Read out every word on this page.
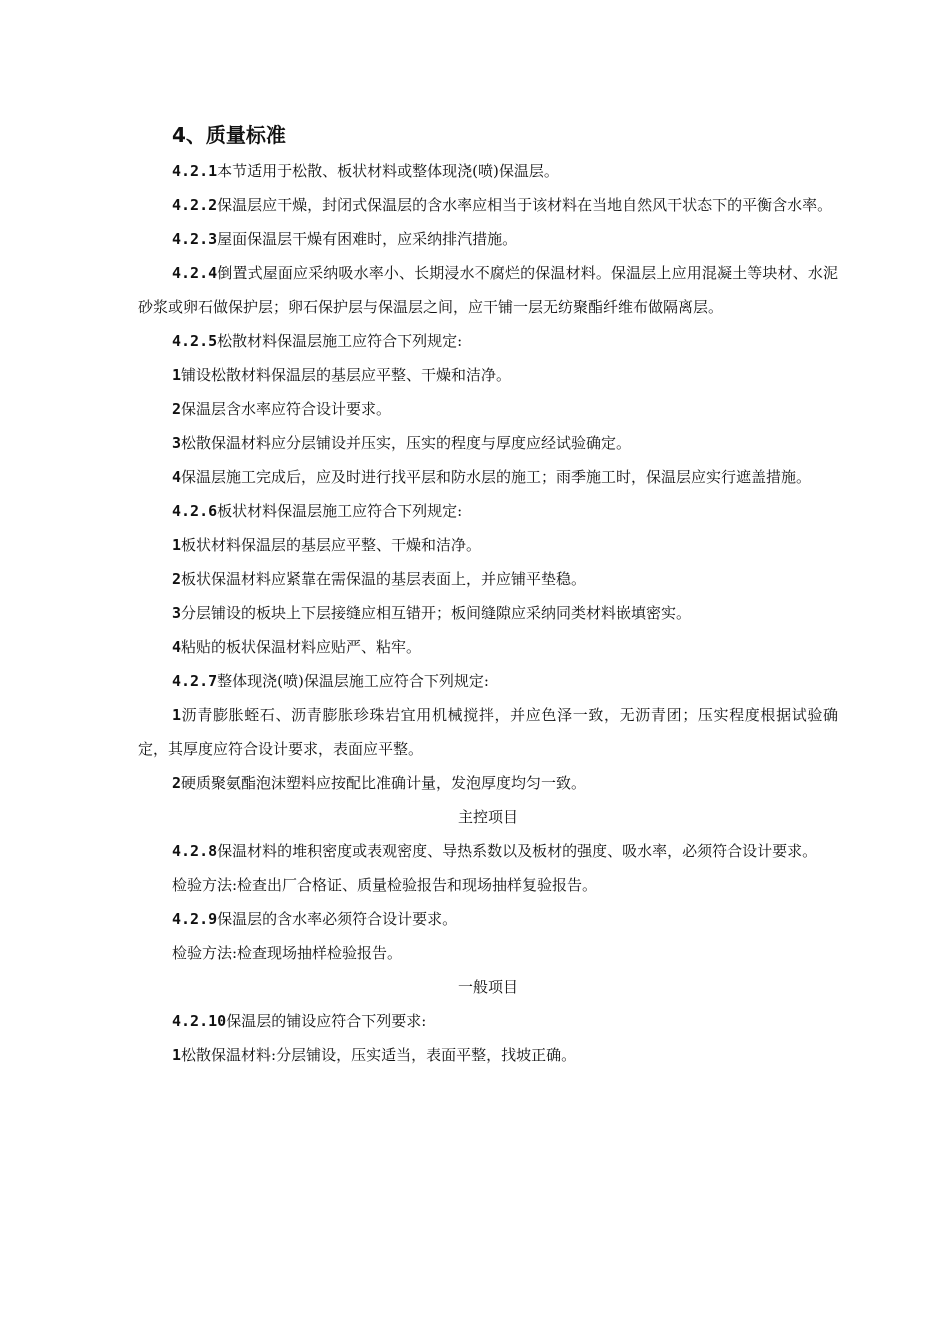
4、质量标准
4.2.1本节适用于松散、板状材料或整体现浇(喷)保温层。
4.2.2保温层应干燥，封闭式保温层的含水率应相当于该材料在当地自然风干状态下的平衡含水率。
4.2.3屋面保温层干燥有困难时，应采纳排汽措施。
4.2.4倒置式屋面应采纳吸水率小、长期浸水不腐烂的保温材料。保温层上应用混凝土等块材、水泥砂浆或卵石做保护层；卵石保护层与保温层之间，应干铺一层无纺聚酯纤维布做隔离层。
4.2.5松散材料保温层施工应符合下列规定:
1铺设松散材料保温层的基层应平整、干燥和洁净。
2保温层含水率应符合设计要求。
3松散保温材料应分层铺设并压实，压实的程度与厚度应经试验确定。
4保温层施工完成后，应及时进行找平层和防水层的施工；雨季施工时，保温层应实行遮盖措施。
4.2.6板状材料保温层施工应符合下列规定:
1板状材料保温层的基层应平整、干燥和洁净。
2板状保温材料应紧靠在需保温的基层表面上，并应铺平垫稳。
3分层铺设的板块上下层接缝应相互错开；板间缝隙应采纳同类材料嵌填密实。
4粘贴的板状保温材料应贴严、粘牢。
4.2.7整体现浇(喷)保温层施工应符合下列规定:
1沥青膨胀蛭石、沥青膨胀珍珠岩宜用机械搅拌，并应色泽一致，无沥青团；压实程度根据试验确定，其厚度应符合设计要求，表面应平整。
2硬质聚氨酯泡沫塑料应按配比准确计量，发泡厚度均匀一致。
主控项目
4.2.8保温材料的堆积密度或表观密度、导热系数以及板材的强度、吸水率，必须符合设计要求。
检验方法:检查出厂合格证、质量检验报告和现场抽样复验报告。
4.2.9保温层的含水率必须符合设计要求。
检验方法:检查现场抽样检验报告。
一般项目
4.2.10保温层的铺设应符合下列要求:
1松散保温材料:分层铺设，压实适当，表面平整，找坡正确。
